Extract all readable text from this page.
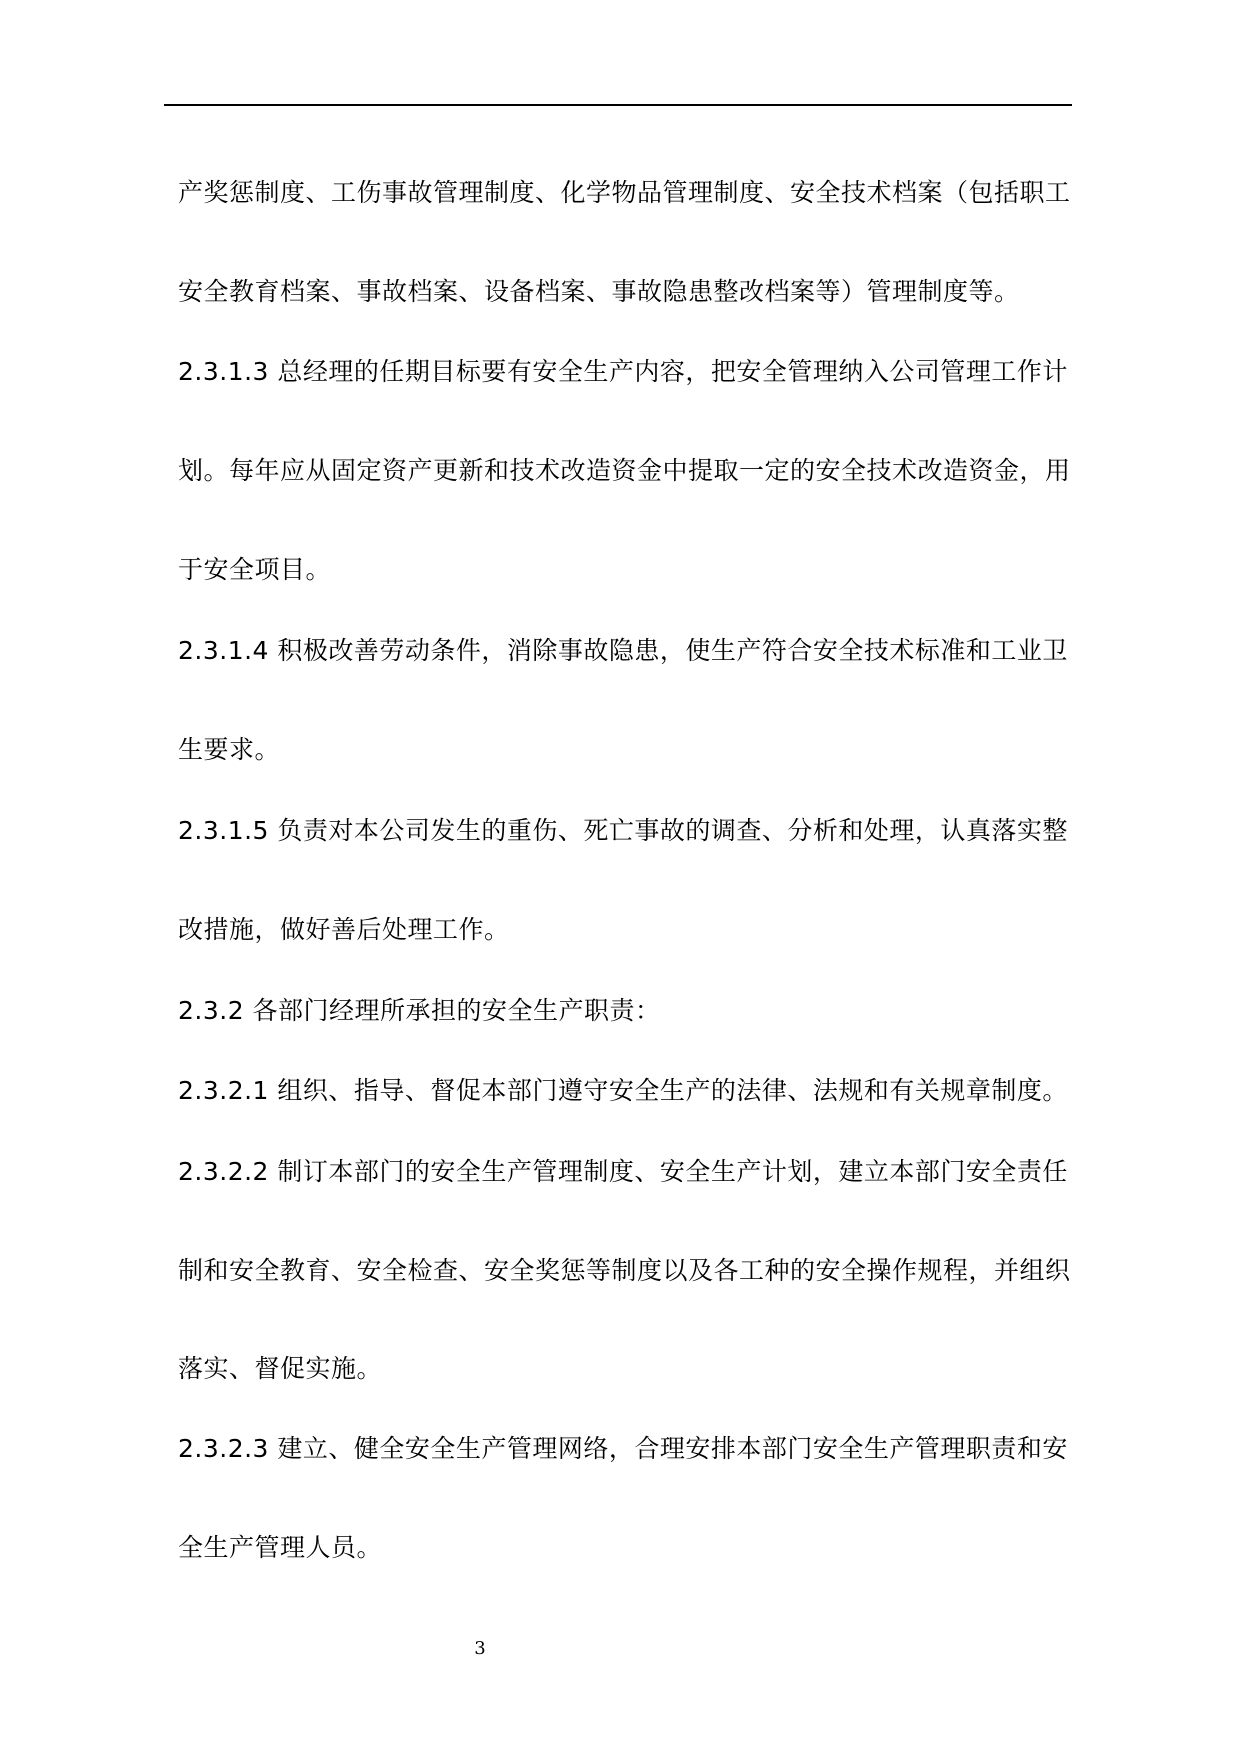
产奖惩制度、工伤事故管理制度、化学物品管理制度、安全技术档案（包括职工
安全教育档案、事故档案、设备档案、事故隐患整改档案等）管理制度等。
2.3.1.3 总经理的任期目标要有安全生产内容，把安全管理纳入公司管理工作计
划。每年应从固定资产更新和技术改造资金中提取一定的安全技术改造资金，用
于安全项目。
2.3.1.4 积极改善劳动条件，消除事故隐患，使生产符合安全技术标准和工业卫
生要求。
2.3.1.5 负责对本公司发生的重伤、死亡事故的调查、分析和处理，认真落实整
改措施，做好善后处理工作。
2.3.2 各部门经理所承担的安全生产职责：
2.3.2.1 组织、指导、督促本部门遵守安全生产的法律、法规和有关规章制度。
2.3.2.2 制订本部门的安全生产管理制度、安全生产计划，建立本部门安全责任
制和安全教育、安全检查、安全奖惩等制度以及各工种的安全操作规程，并组织
落实、督促实施。
2.3.2.3 建立、健全安全生产管理网络，合理安排本部门安全生产管理职责和安
全生产管理人员。
3
